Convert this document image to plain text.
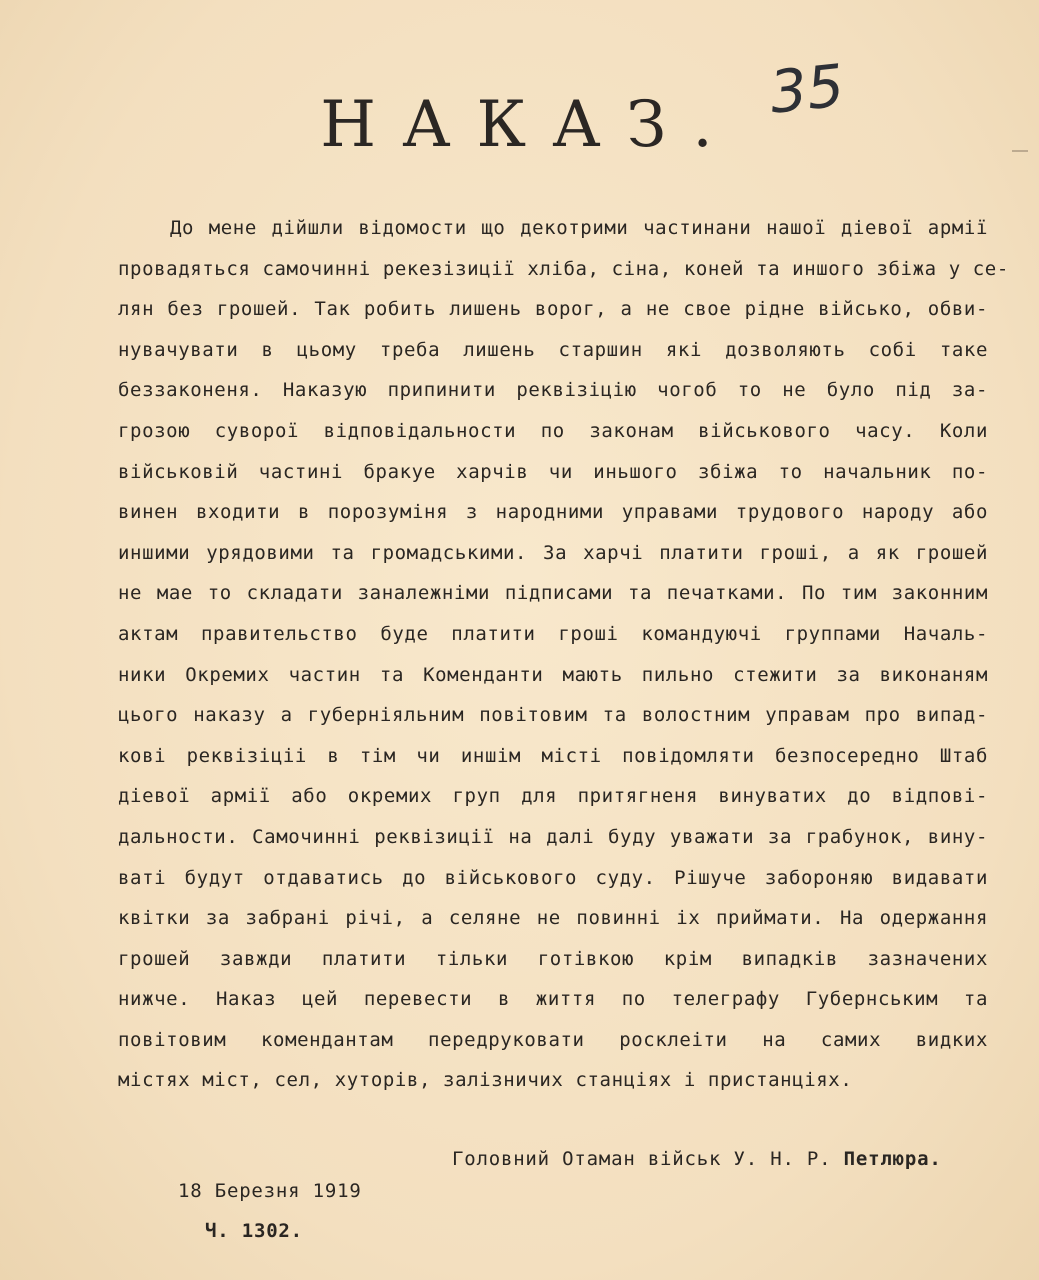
35
НАКАЗ.
До мене дійшли відомости що декотрими частинани нашої діевої армії
провадяться самочинні рекезізиції хліба, сіна, коней та иншого збіжа у се-
лян без грошей. Так робить лишень ворог, а не свое рідне військо, обви-
нувачувати в цьому треба лишень старшин які дозволяють собі таке
беззаконеня. Наказую припинити реквізіцію чогоб то не було під за-
грозою суворої відповідальности по законам військового часу. Коли
військовій частині бракуе харчів чи иньшого збіжа то начальник по-
винен входити в порозуміня з народними управами трудового народу або
иншими урядовими та громадськими. За харчі платити гроші, а як грошей
не мае то складати заналежніми підписами та печатками. По тим законним
актам правительство буде платити гроші командуючі группами Началь-
ники Окремих частин та Коменданти мають пильно стежити за виконаням
цього наказу а губерніяльним повітовим та волостним управам про випад-
кові реквізіціі в тім чи иншім місті повідомляти безпосередно Штаб
діевої армії або окремих груп для притягненя винуватих до відпові-
дальности. Самочинні реквізиції на далі буду уважати за грабунок, вину-
ваті будут отдаватись до військового суду. Рішуче забороняю видавати
квітки за забрані річі, а селяне не повинні іх приймати. На одержання
грошей завжди платити тільки готівкою крім випадків зазначених
нижче. Наказ цей перевести в життя по телеграфу Губернським та
повітовим комендантам передруковати росклеіти на самих видких
містях міст, сел, хуторів, залізничих станціях і пристанціях.
Головний Отаман військ У. Н. Р. Петлюра.
18 Березня 1919
Ч. 1302.
